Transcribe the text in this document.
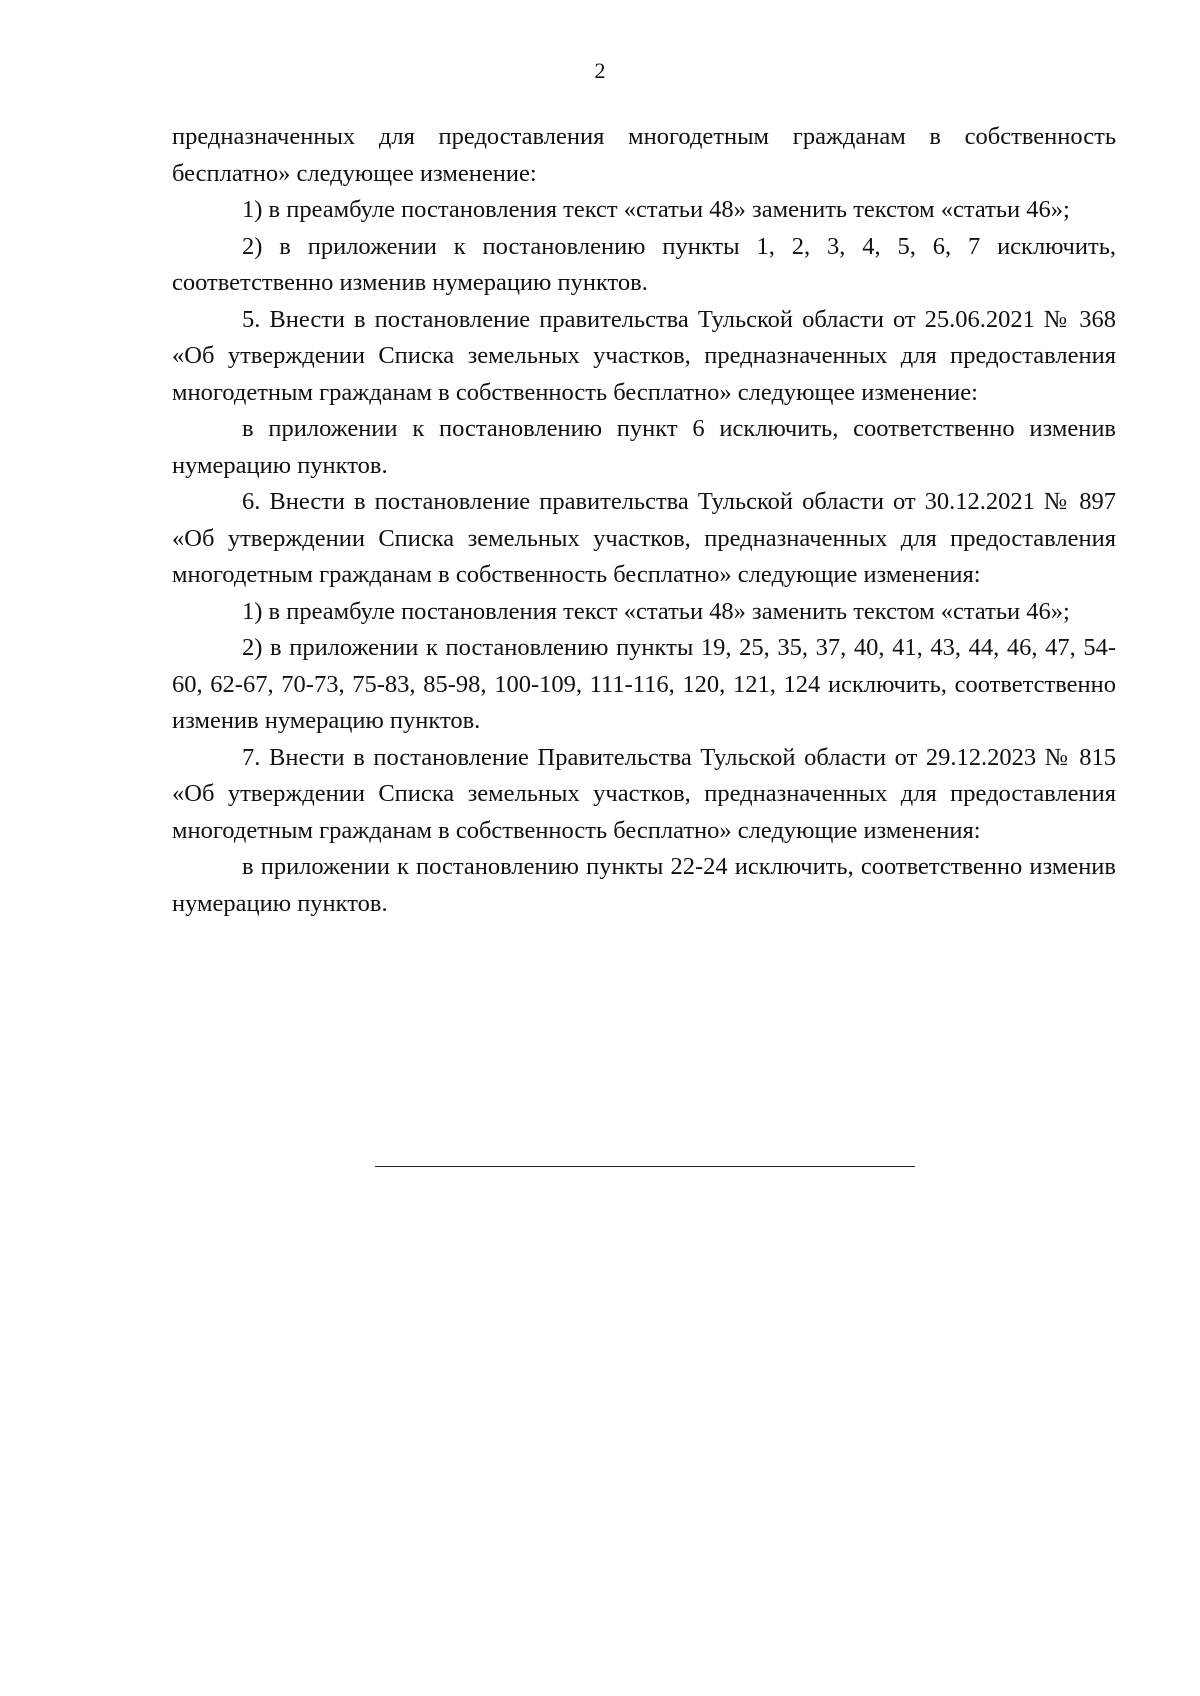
2

предназначенных для предоставления многодетным гражданам в собственность бесплатно» следующее изменение:

1) в преамбуле постановления текст «статьи 48» заменить текстом «статьи 46»;

2) в приложении к постановлению пункты 1, 2, 3, 4, 5, 6, 7 исключить, соответственно изменив нумерацию пунктов.

5. Внести в постановление правительства Тульской области от 25.06.2021 № 368 «Об утверждении Списка земельных участков, предназначенных для предоставления многодетным гражданам в собственность бесплатно» следующее изменение:

в приложении к постановлению пункт 6 исключить, соответственно изменив нумерацию пунктов.

6. Внести в постановление правительства Тульской области от 30.12.2021 № 897 «Об утверждении Списка земельных участков, предназначенных для предоставления многодетным гражданам в собственность бесплатно» следующие изменения:

1) в преамбуле постановления текст «статьи 48» заменить текстом «статьи 46»;

2) в приложении к постановлению пункты 19, 25, 35, 37, 40, 41, 43, 44, 46, 47, 54-60, 62-67, 70-73, 75-83, 85-98, 100-109, 111-116, 120, 121, 124 исключить, соответственно изменив нумерацию пунктов.

7. Внести в постановление Правительства Тульской области от 29.12.2023 № 815 «Об утверждении Списка земельных участков, предназначенных для предоставления многодетным гражданам в собственность бесплатно» следующие изменения:

в приложении к постановлению пункты 22-24 исключить, соответственно изменив нумерацию пунктов.
